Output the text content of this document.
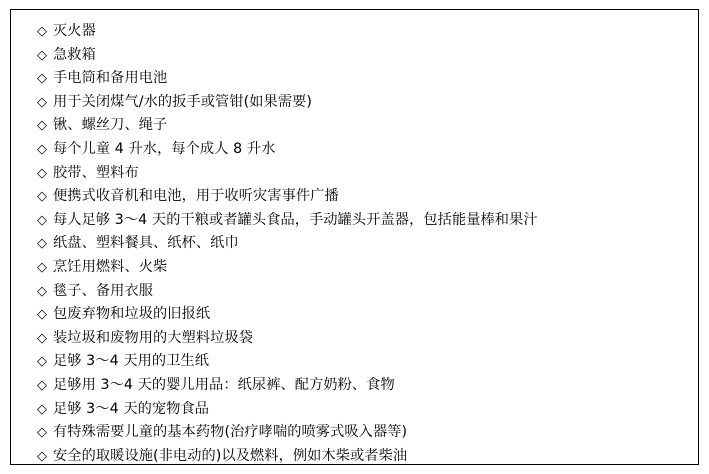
◇ 灭火器
◇ 急救箱
◇ 手电筒和备用电池
◇ 用于关闭煤气/水的扳手或管钳(如果需要)
◇ 锹、螺丝刀、绳子
◇ 每个儿童 4 升水，每个成人 8 升水
◇ 胶带、塑料布
◇ 便携式收音机和电池，用于收听灾害事件广播
◇ 每人足够 3～4 天的干粮或者罐头食品，手动罐头开盖器，包括能量棒和果汁
◇ 纸盘、塑料餐具、纸杯、纸巾
◇ 烹饪用燃料、火柴
◇ 毯子、备用衣服
◇ 包废弃物和垃圾的旧报纸
◇ 装垃圾和废物用的大塑料垃圾袋
◇ 足够 3～4 天用的卫生纸
◇ 足够用 3～4 天的婴儿用品：纸尿裤、配方奶粉、食物
◇ 足够 3～4 天的宠物食品
◇ 有特殊需要儿童的基本药物(治疗哮喘的喷雾式吸入器等)
◇ 安全的取暖设施(非电动的)以及燃料，例如木柴或者柴油
